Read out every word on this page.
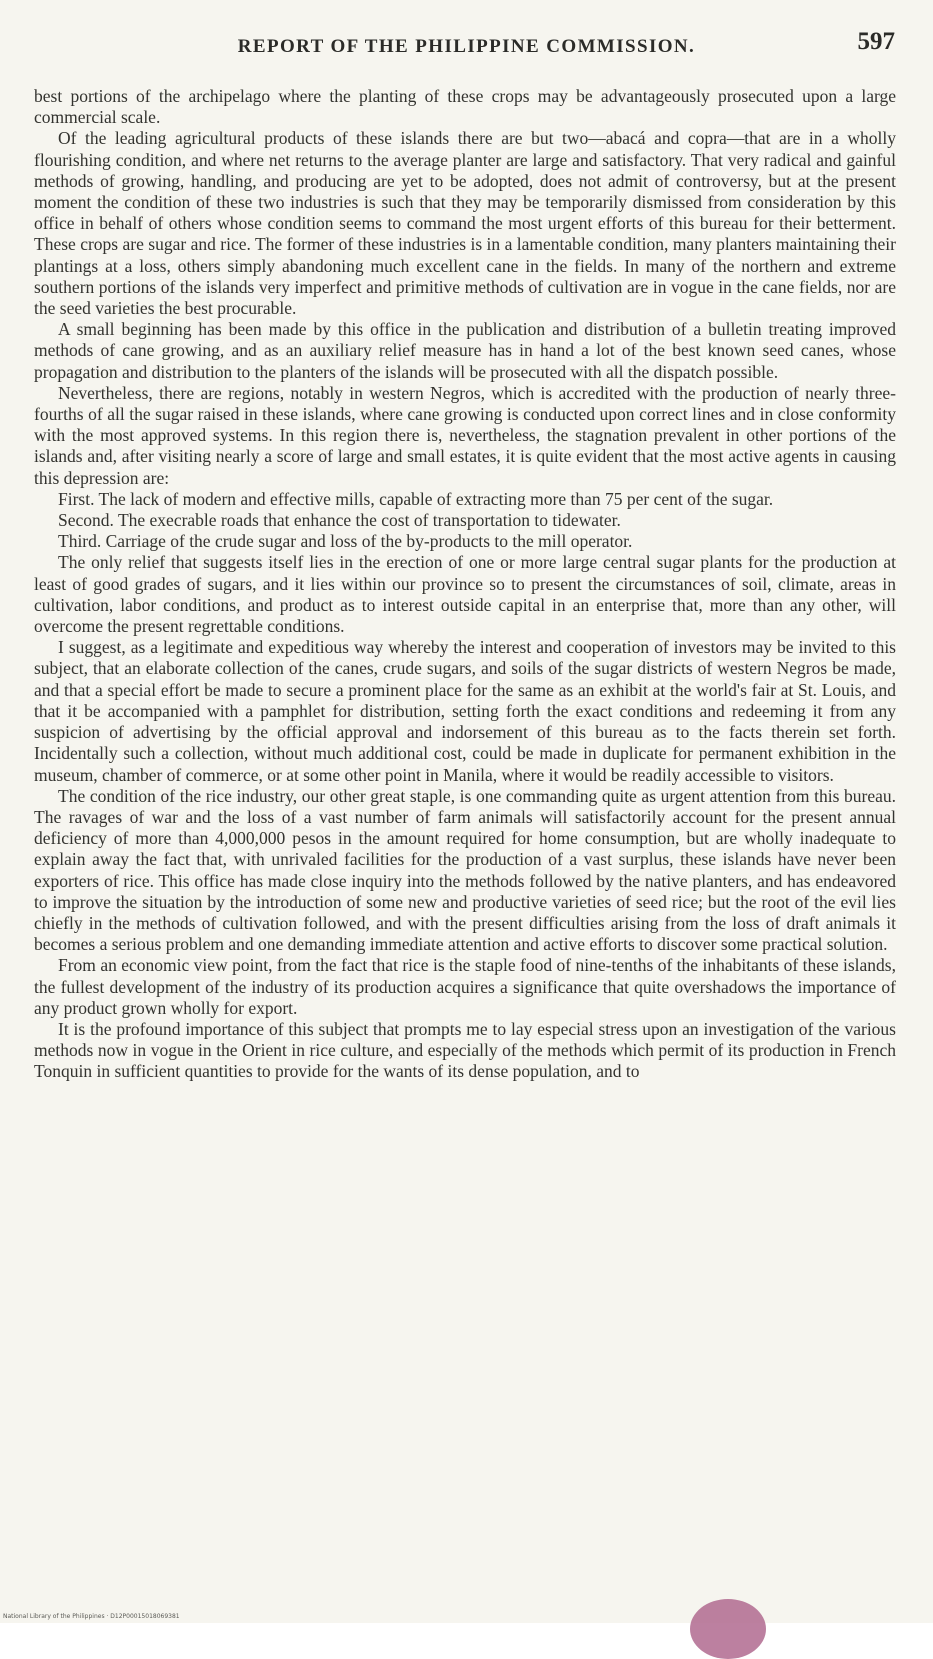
REPORT OF THE PHILIPPINE COMMISSION.	597

best portions of the archipelago where the planting of these crops may be advantageously prosecuted upon a large commercial scale.

Of the leading agricultural products of these islands there are but two—abacá and copra—that are in a wholly flourishing condition, and where net returns to the average planter are large and satisfactory. That very radical and gainful methods of growing, handling, and producing are yet to be adopted, does not admit of controversy, but at the present moment the condition of these two industries is such that they may be temporarily dismissed from consideration by this office in behalf of others whose condition seems to command the most urgent efforts of this bureau for their betterment. These crops are sugar and rice. The former of these industries is in a lamentable condition, many planters maintaining their plantings at a loss, others simply abandoning much excellent cane in the fields. In many of the northern and extreme southern portions of the islands very imperfect and primitive methods of cultivation are in vogue in the cane fields, nor are the seed varieties the best procurable.

A small beginning has been made by this office in the publication and distribution of a bulletin treating improved methods of cane growing, and as an auxiliary relief measure has in hand a lot of the best known seed canes, whose propagation and distribution to the planters of the islands will be prosecuted with all the dispatch possible.

Nevertheless, there are regions, notably in western Negros, which is accredited with the production of nearly three-fourths of all the sugar raised in these islands, where cane growing is conducted upon correct lines and in close conformity with the most approved systems. In this region there is, nevertheless, the stagnation prevalent in other portions of the islands and, after visiting nearly a score of large and small estates, it is quite evident that the most active agents in causing this depression are:

First. The lack of modern and effective mills, capable of extracting more than 75 per cent of the sugar.

Second. The execrable roads that enhance the cost of transportation to tidewater.

Third. Carriage of the crude sugar and loss of the by-products to the mill operator.

The only relief that suggests itself lies in the erection of one or more large central sugar plants for the production at least of good grades of sugars, and it lies within our province so to present the circumstances of soil, climate, areas in cultivation, labor conditions, and product as to interest outside capital in an enterprise that, more than any other, will overcome the present regrettable conditions.

I suggest, as a legitimate and expeditious way whereby the interest and cooperation of investors may be invited to this subject, that an elaborate collection of the canes, crude sugars, and soils of the sugar districts of western Negros be made, and that a special effort be made to secure a prominent place for the same as an exhibit at the world's fair at St. Louis, and that it be accompanied with a pamphlet for distribution, setting forth the exact conditions and redeeming it from any suspicion of advertising by the official approval and indorsement of this bureau as to the facts therein set forth. Incidentally such a collection, without much additional cost, could be made in duplicate for permanent exhibition in the museum, chamber of commerce, or at some other point in Manila, where it would be readily accessible to visitors.

The condition of the rice industry, our other great staple, is one commanding quite as urgent attention from this bureau. The ravages of war and the loss of a vast number of farm animals will satisfactorily account for the present annual deficiency of more than 4,000,000 pesos in the amount required for home consumption, but are wholly inadequate to explain away the fact that, with unrivaled facilities for the production of a vast surplus, these islands have never been exporters of rice. This office has made close inquiry into the methods followed by the native planters, and has endeavored to improve the situation by the introduction of some new and productive varieties of seed rice; but the root of the evil lies chiefly in the methods of cultivation followed, and with the present difficulties arising from the loss of draft animals it becomes a serious problem and one demanding immediate attention and active efforts to discover some practical solution.

From an economic view point, from the fact that rice is the staple food of nine-tenths of the inhabitants of these islands, the fullest development of the industry of its production acquires a significance that quite overshadows the importance of any product grown wholly for export.

It is the profound importance of this subject that prompts me to lay especial stress upon an investigation of the various methods now in vogue in the Orient in rice culture, and especially of the methods which permit of its production in French Tonquin in sufficient quantities to provide for the wants of its dense population, and to

National Library of the Philippines · D12P00015018069381
